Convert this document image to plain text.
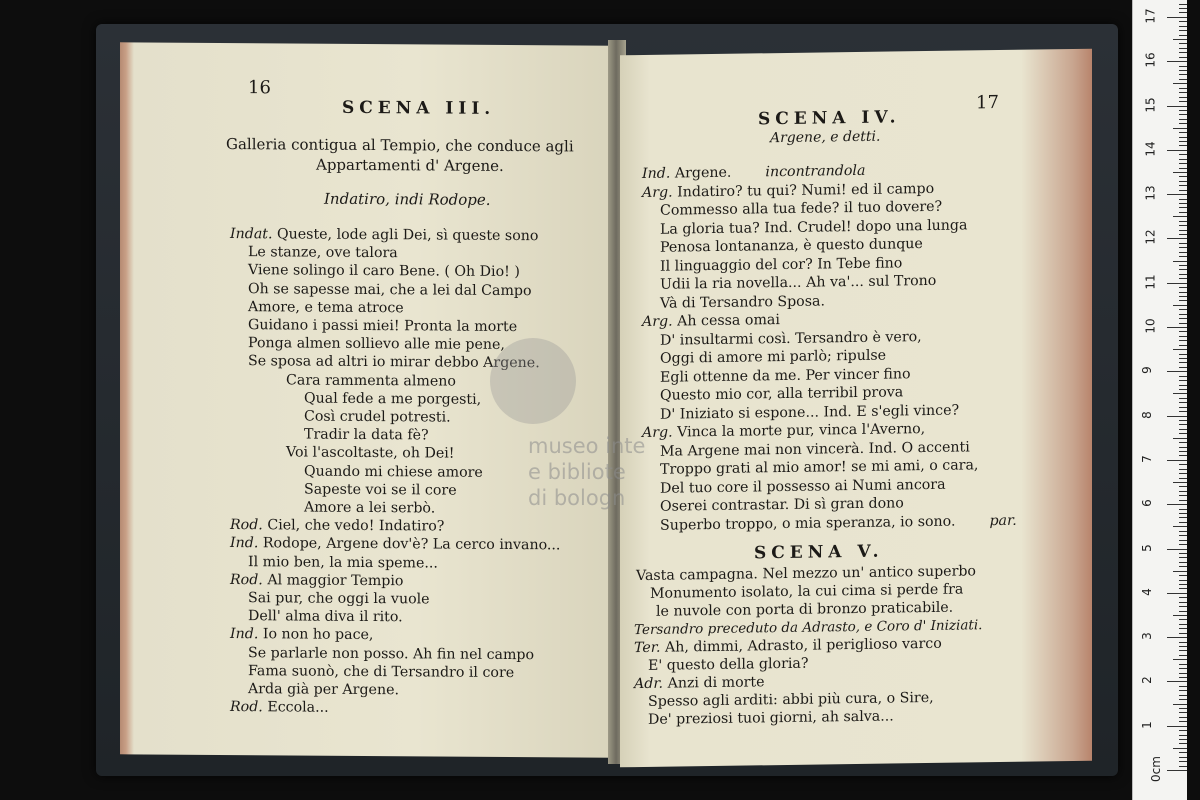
16
SCENA III.
Galleria contigua al Tempio, che conduce agli
Appartamenti d' Argene.
Indatiro, indi Rodope.
Indat. Queste, lode agli Dei, sì queste sono
Le stanze, ove talora
Viene solingo il caro Bene. ( Oh Dio! )
Oh se sapesse mai, che a lei dal Campo
Amore, e tema atroce
Guidano i passi miei! Pronta la morte
Ponga almen sollievo alle mie pene,
Se sposa ad altri io mirar debbo Argene.
Cara rammenta almeno
Qual fede a me porgesti,
Così crudel potresti.
Tradir la data fè?
Voi l'ascoltaste, oh Dei!
Quando mi chiese amore
Sapeste voi se il core
Amore a lei serbò.
Rod. Ciel, che vedo! Indatiro?
Ind. Rodope, Argene dov'è? La cerco invano...
Il mio ben, la mia speme...
Rod. Al maggior Tempio
Sai pur, che oggi la vuole
Dell' alma diva il rito.
Ind. Io non ho pace,
Se parlarle non posso. Ah fin nel campo
Fama suonò, che di Tersandro il core
Arda già per Argene.
Rod. Eccola...
17
SCENA IV.
Argene, e detti.
Ind. Argene. incontrandola
Arg. Indatiro? tu qui? Numi! ed il campo
Commesso alla tua fede? il tuo dovere?
La gloria tua? Ind. Crudel! dopo una lunga
Penosa lontananza, è questo dunque
Il linguaggio del cor? In Tebe fino
Udii la ria novella... Ah va'... sul Trono
Và di Tersandro Sposa.
Arg. Ah cessa omai
D' insultarmi così. Tersandro è vero,
Oggi di amore mi parlò; ripulse
Egli ottenne da me. Per vincer fino
Questo mio cor, alla terribil prova
D' Iniziato si espone... Ind. E s'egli vince?
Arg. Vinca la morte pur, vinca l'Averno,
Ma Argene mai non vincerà. Ind. O accenti
Troppo grati al mio amor! se mi ami, o cara,
Del tuo core il possesso ai Numi ancora
Oserei contrastar. Di sì gran dono
Superbo troppo, o mia speranza, io sono. par.
SCENA V.
Vasta campagna. Nel mezzo un' antico superbo
Monumento isolato, la cui cima si perde fra
le nuvole con porta di bronzo praticabile.
Tersandro preceduto da Adrasto, e Coro d' Iniziati.
Ter. Ah, dimmi, Adrasto, il periglioso varco
E' questo della gloria?
Adr. Anzi di morte
Spesso agli arditi: abbi più cura, o Sire,
De' preziosi tuoi giorni, ah salva...
museo inte
e bibliote
di bologn
0cm
1
2
3
4
5
6
7
8
9
10
11
12
13
14
15
16
17
